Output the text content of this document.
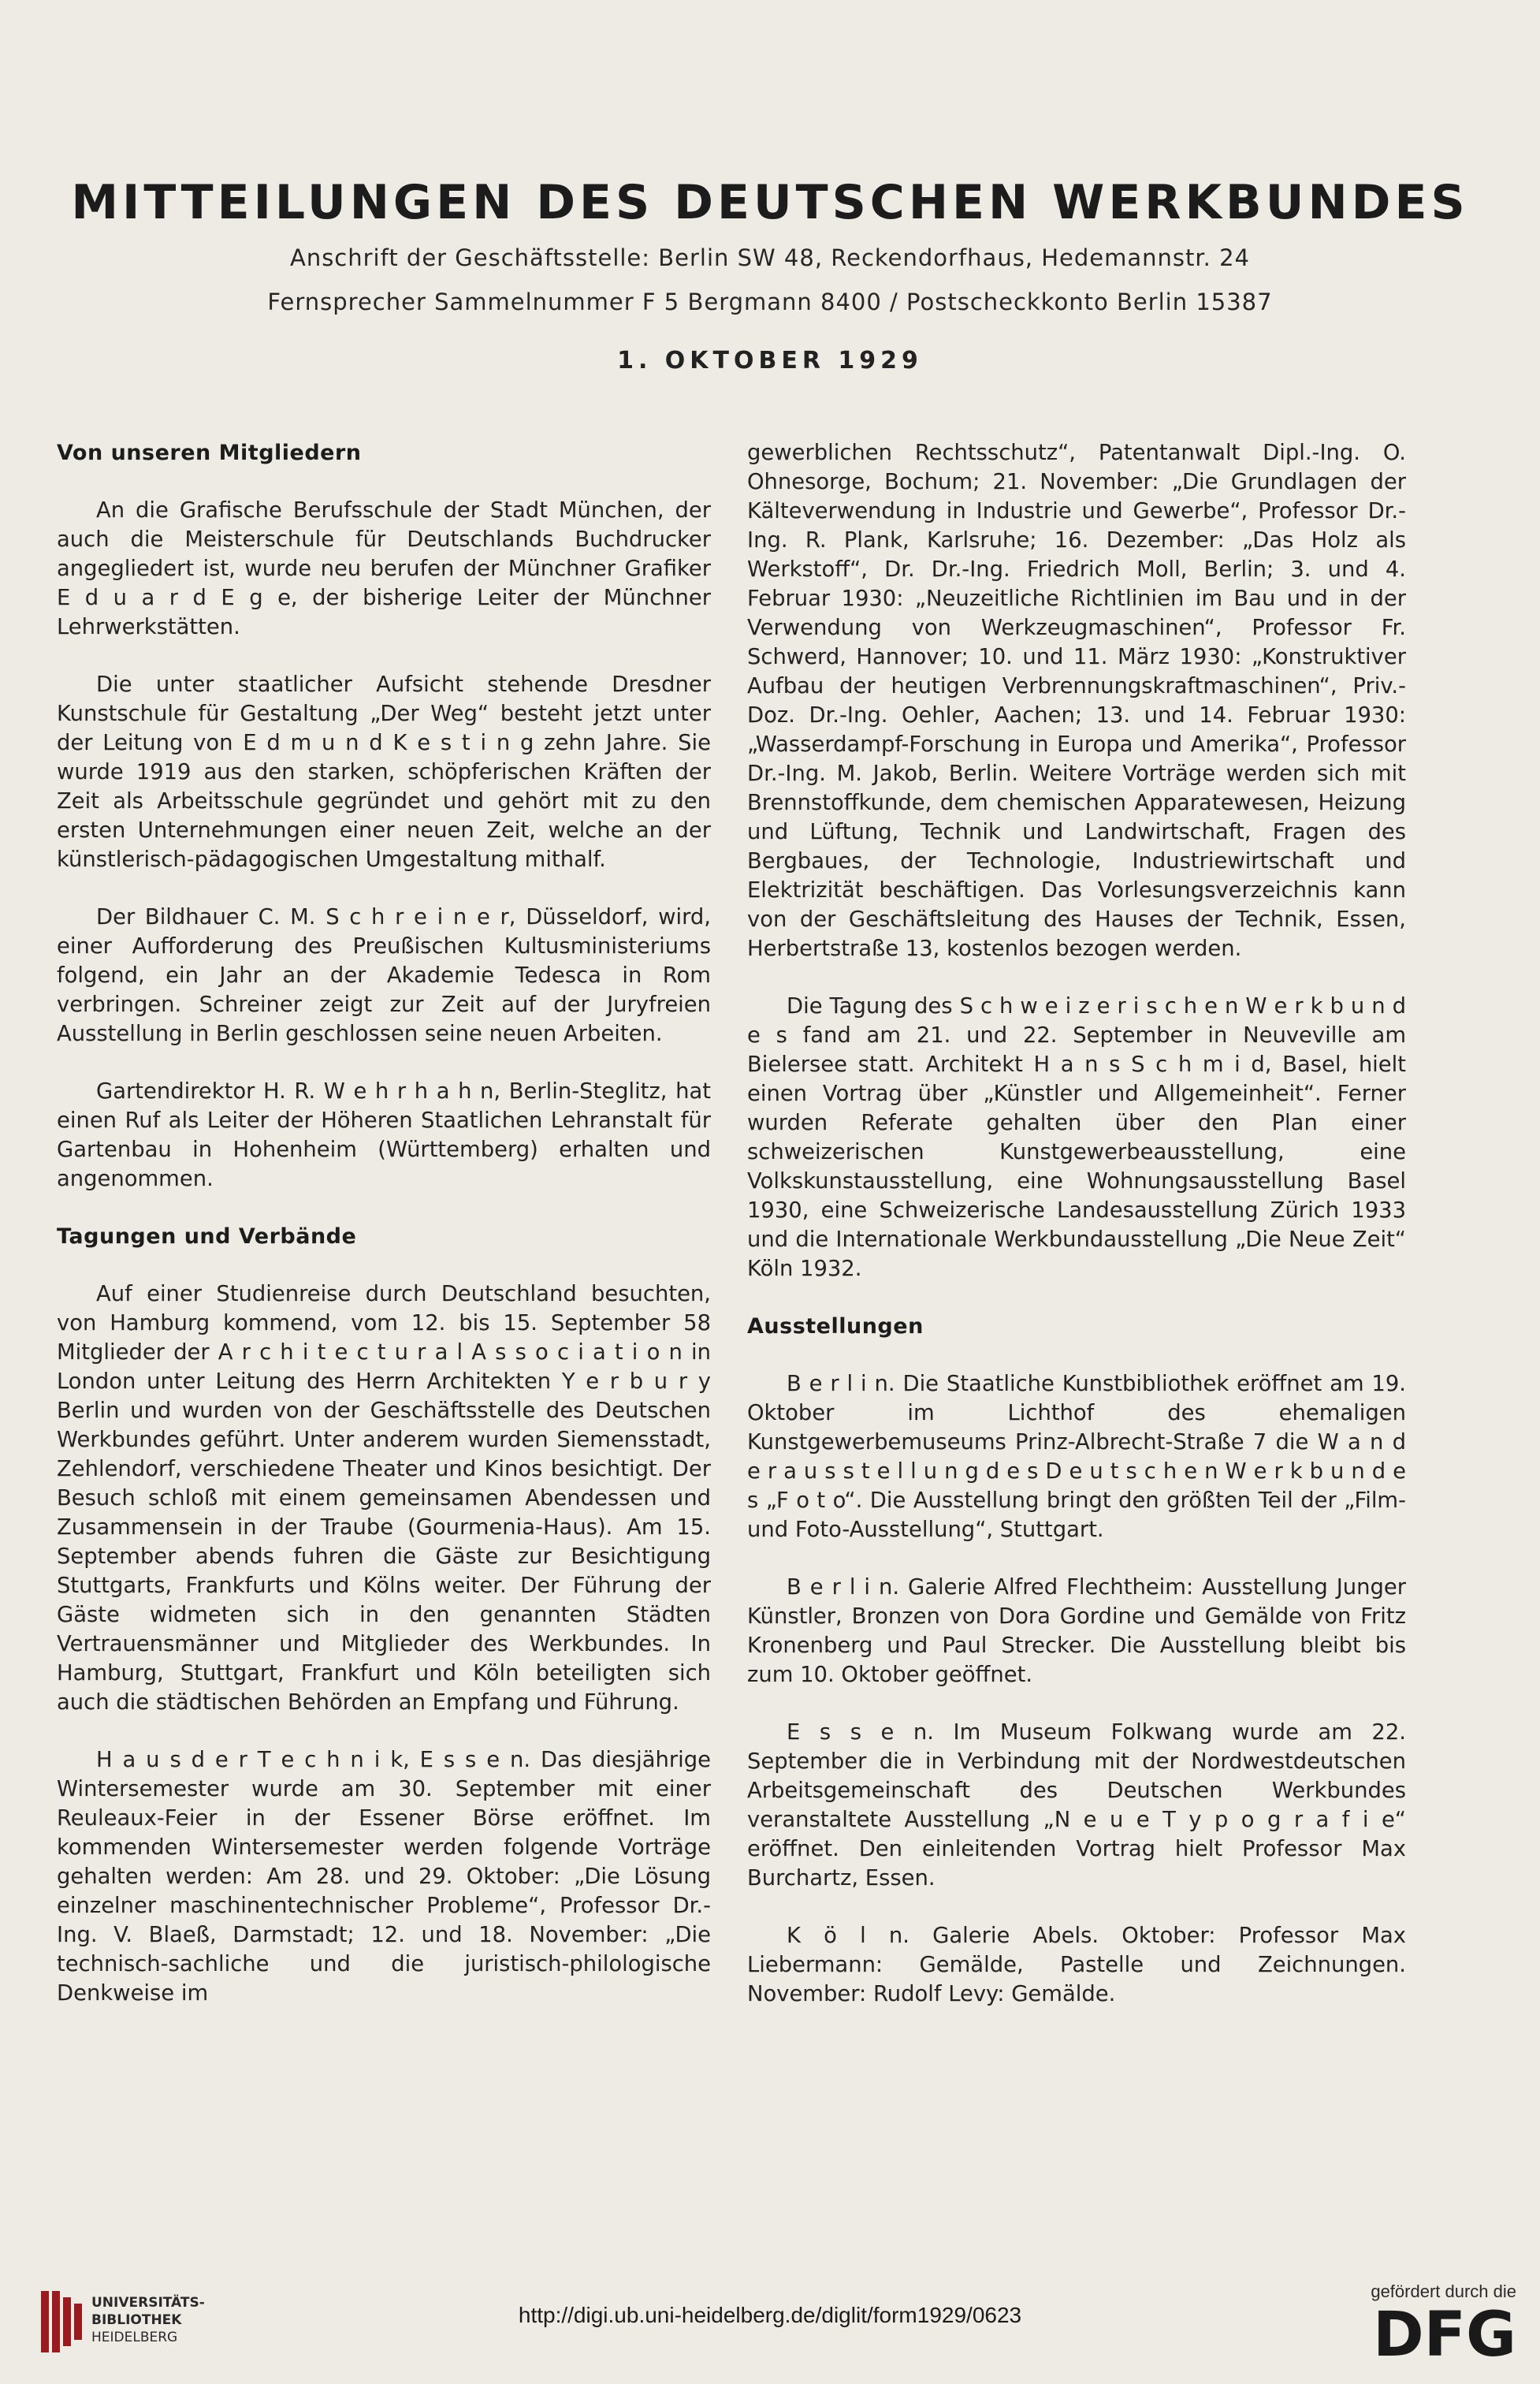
MITTEILUNGEN DES DEUTSCHEN WERKBUNDES
Anschrift der Geschäftsstelle: Berlin SW 48, Reckendorfhaus, Hedemannstr. 24
Fernsprecher Sammelnummer F 5 Bergmann 8400 / Postscheckkonto Berlin 15387
1. OKTOBER 1929
Von unseren Mitgliedern

An die Grafische Berufsschule der Stadt München, der auch die Meisterschule für Deutschlands Buchdrucker angegliedert ist, wurde neu berufen der Münchner Grafiker E d u a r d E g e, der bisherige Leiter der Münchner Lehrwerkstätten.

Die unter staatlicher Aufsicht stehende Dresdner Kunstschule für Gestaltung „Der Weg“ besteht jetzt unter der Leitung von E d m u n d K e s t i n g zehn Jahre. Sie wurde 1919 aus den starken, schöpferischen Kräften der Zeit als Arbeitsschule gegründet und gehört mit zu den ersten Unternehmungen einer neuen Zeit, welche an der künstlerisch-pädagogischen Umgestaltung mithalf.

Der Bildhauer C. M. S c h r e i n e r, Düsseldorf, wird, einer Aufforderung des Preußischen Kultusministeriums folgend, ein Jahr an der Akademie Tedesca in Rom verbringen. Schreiner zeigt zur Zeit auf der Juryfreien Ausstellung in Berlin geschlossen seine neuen Arbeiten.

Gartendirektor H. R. W e h r h a h n, Berlin-Steglitz, hat einen Ruf als Leiter der Höheren Staatlichen Lehranstalt für Gartenbau in Hohenheim (Württemberg) erhalten und angenommen.

Tagungen und Verbände

Auf einer Studienreise durch Deutschland besuchten, von Hamburg kommend, vom 12. bis 15. September 58 Mitglieder der A r c h i t e c t u r a l A s s o c i a t i o n in London unter Leitung des Herrn Architekten Y e r b u r y Berlin und wurden von der Geschäftsstelle des Deutschen Werkbundes geführt. Unter anderem wurden Siemensstadt, Zehlendorf, verschiedene Theater und Kinos besichtigt. Der Besuch schloß mit einem gemeinsamen Abendessen und Zusammensein in der Traube (Gourmenia-Haus). Am 15. September abends fuhren die Gäste zur Besichtigung Stuttgarts, Frankfurts und Kölns weiter. Der Führung der Gäste widmeten sich in den genannten Städten Vertrauensmänner und Mitglieder des Werkbundes. In Hamburg, Stuttgart, Frankfurt und Köln beteiligten sich auch die städtischen Behörden an Empfang und Führung.

H a u s d e r T e c h n i k, E s s e n. Das diesjährige Wintersemester wurde am 30. September mit einer Reuleaux-Feier in der Essener Börse eröffnet. Im kommenden Wintersemester werden folgende Vorträge gehalten werden: Am 28. und 29. Oktober: „Die Lösung einzelner maschinentechnischer Probleme“, Professor Dr.-Ing. V. Blaeß, Darmstadt; 12. und 18. November: „Die technisch-sachliche und die juristisch-philologische Denkweise im

gewerblichen Rechtsschutz“, Patentanwalt Dipl.-Ing. O. Ohnesorge, Bochum; 21. November: „Die Grundlagen der Kälteverwendung in Industrie und Gewerbe“, Professor Dr.-Ing. R. Plank, Karlsruhe; 16. Dezember: „Das Holz als Werkstoff“, Dr. Dr.-Ing. Friedrich Moll, Berlin; 3. und 4. Februar 1930: „Neuzeitliche Richtlinien im Bau und in der Verwendung von Werkzeugmaschinen“, Professor Fr. Schwerd, Hannover; 10. und 11. März 1930: „Konstruktiver Aufbau der heutigen Verbrennungskraftmaschinen“, Priv.-Doz. Dr.-Ing. Oehler, Aachen; 13. und 14. Februar 1930: „Wasserdampf-Forschung in Europa und Amerika“, Professor Dr.-Ing. M. Jakob, Berlin. Weitere Vorträge werden sich mit Brennstoffkunde, dem chemischen Apparatewesen, Heizung und Lüftung, Technik und Landwirtschaft, Fragen des Bergbaues, der Technologie, Industriewirtschaft und Elektrizität beschäftigen. Das Vorlesungsverzeichnis kann von der Geschäftsleitung des Hauses der Technik, Essen, Herbertstraße 13, kostenlos bezogen werden.

Die Tagung des S c h w e i z e r i s c h e n W e r k b u n d e s fand am 21. und 22. September in Neuveville am Bielersee statt. Architekt H a n s S c h m i d, Basel, hielt einen Vortrag über „Künstler und Allgemeinheit“. Ferner wurden Referate gehalten über den Plan einer schweizerischen Kunstgewerbeausstellung, eine Volkskunstausstellung, eine Wohnungsausstellung Basel 1930, eine Schweizerische Landesausstellung Zürich 1933 und die Internationale Werkbundausstellung „Die Neue Zeit“ Köln 1932.

Ausstellungen

B e r l i n. Die Staatliche Kunstbibliothek eröffnet am 19. Oktober im Lichthof des ehemaligen Kunstgewerbemuseums Prinz-Albrecht-Straße 7 die W a n d e r a u s s t e l l u n g d e s D e u t s c h e n W e r k b u n d e s „F o t o“. Die Ausstellung bringt den größten Teil der „Film- und Foto-Ausstellung“, Stuttgart.

B e r l i n. Galerie Alfred Flechtheim: Ausstellung Junger Künstler, Bronzen von Dora Gordine und Gemälde von Fritz Kronenberg und Paul Strecker. Die Ausstellung bleibt bis zum 10. Oktober geöffnet.

E s s e n. Im Museum Folkwang wurde am 22. September die in Verbindung mit der Nordwestdeutschen Arbeitsgemeinschaft des Deutschen Werkbundes veranstaltete Ausstellung „N e u e T y p o g r a f i e“ eröffnet. Den einleitenden Vortrag hielt Professor Max Burchartz, Essen.

K ö l n. Galerie Abels. Oktober: Professor Max Liebermann: Gemälde, Pastelle und Zeichnungen. November: Rudolf Levy: Gemälde.

UNIVERSITÄTS-
BIBLIOTHEK
HEIDELBERG
http://digi.ub.uni-heidelberg.de/diglit/form1929/0623
gefördert durch die
DFG
